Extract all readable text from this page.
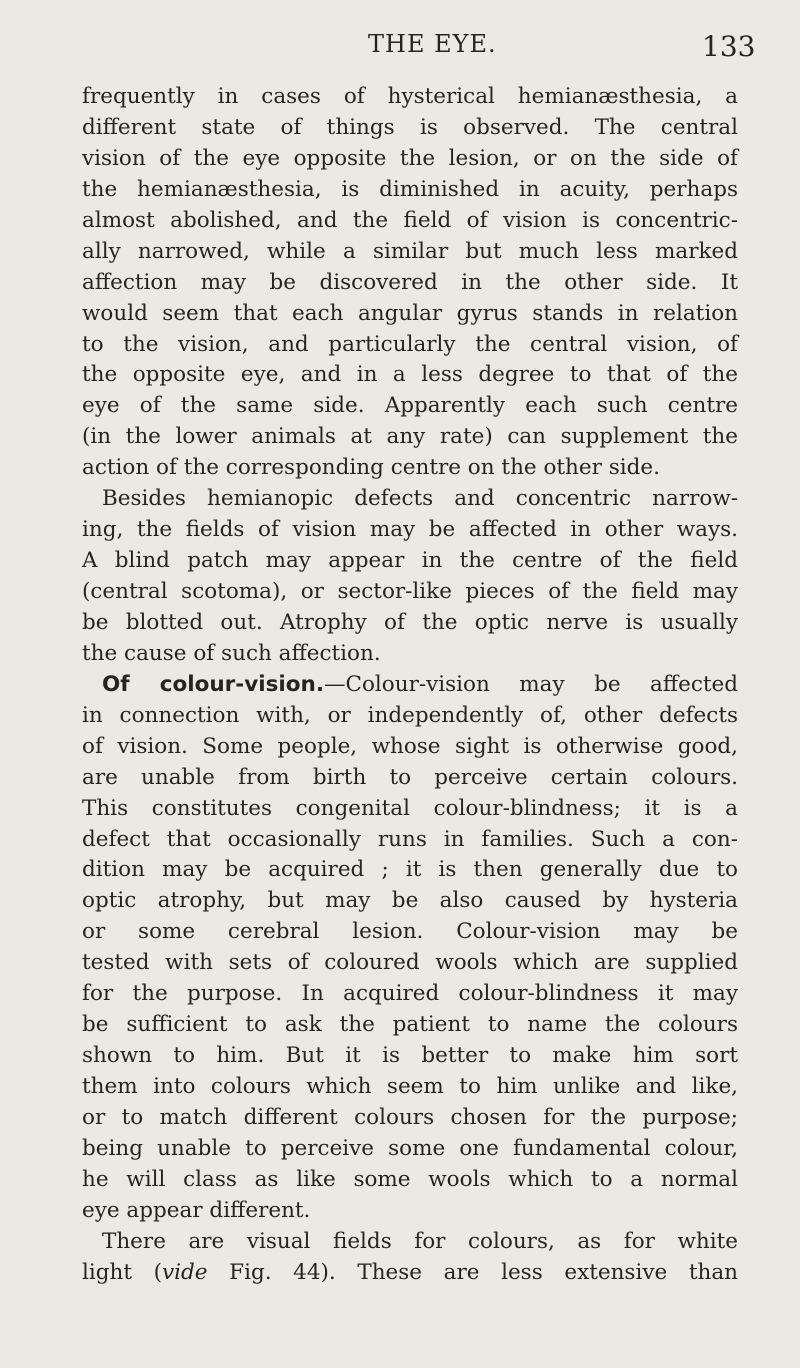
THE EYE.	133
frequently in cases of hysterical hemianæsthesia, a
different state of things is observed. The central
vision of the eye opposite the lesion, or on the side of
the hemianæsthesia, is diminished in acuity, perhaps
almost abolished, and the field of vision is concentric-
ally narrowed, while a similar but much less marked
affection may be discovered in the other side. It
would seem that each angular gyrus stands in relation
to the vision, and particularly the central vision, of
the opposite eye, and in a less degree to that of the
eye of the same side. Apparently each such centre
(in the lower animals at any rate) can supplement the
action of the corresponding centre on the other side.
Besides hemianopic defects and concentric narrow-
ing, the fields of vision may be affected in other ways.
A blind patch may appear in the centre of the field
(central scotoma), or sector-like pieces of the field may
be blotted out. Atrophy of the optic nerve is usually
the cause of such affection.
Of colour-vision.—Colour-vision may be affected
in connection with, or independently of, other defects
of vision. Some people, whose sight is otherwise good,
are unable from birth to perceive certain colours.
This constitutes congenital colour-blindness; it is a
defect that occasionally runs in families. Such a con-
dition may be acquired ; it is then generally due to
optic atrophy, but may be also caused by hysteria
or some cerebral lesion. Colour-vision may be
tested with sets of coloured wools which are supplied
for the purpose. In acquired colour-blindness it may
be sufficient to ask the patient to name the colours
shown to him. But it is better to make him sort
them into colours which seem to him unlike and like,
or to match different colours chosen for the purpose;
being unable to perceive some one fundamental colour,
he will class as like some wools which to a normal
eye appear different.
There are visual fields for colours, as for white
light (vide Fig. 44). These are less extensive than
